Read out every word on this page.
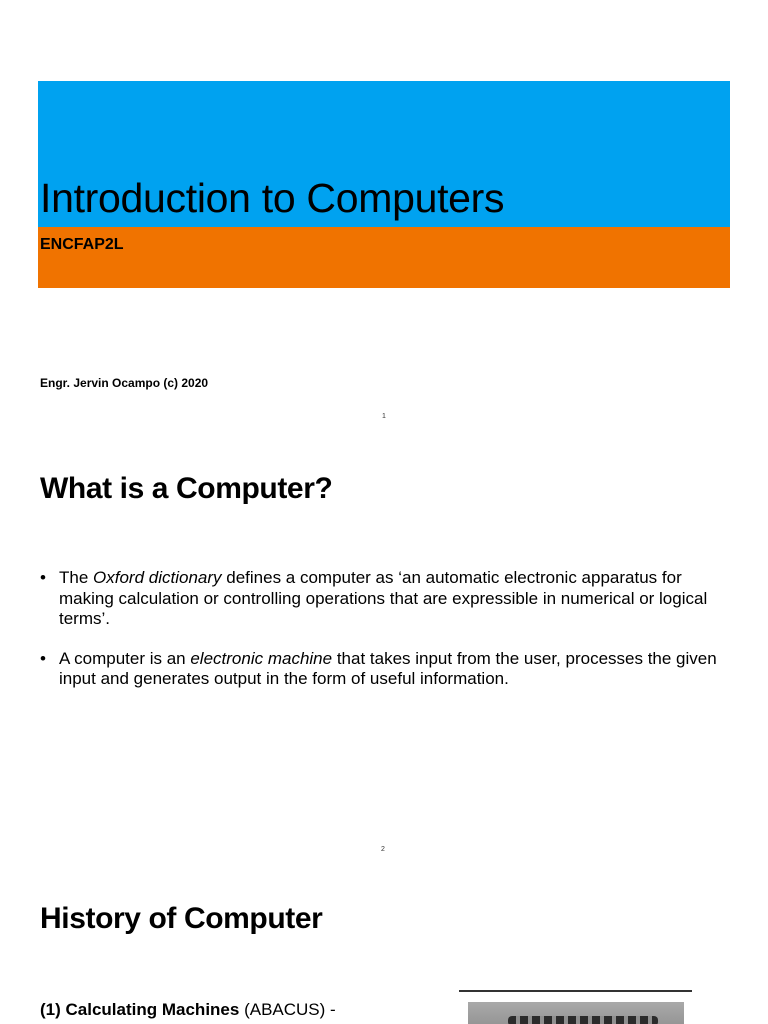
Introduction to Computers
ENCFAP2L
Engr. Jervin Ocampo (c) 2020
1
What is a Computer?
• The Oxford dictionary defines a computer as ‘an automatic electronic apparatus for making calculation or controlling operations that are expressible in numerical or logical terms’.
• A computer is an electronic machine that takes input from the user, processes the given input and generates output in the form of useful information.
2
History of Computer
(1) Calculating Machines (ABACUS) -
